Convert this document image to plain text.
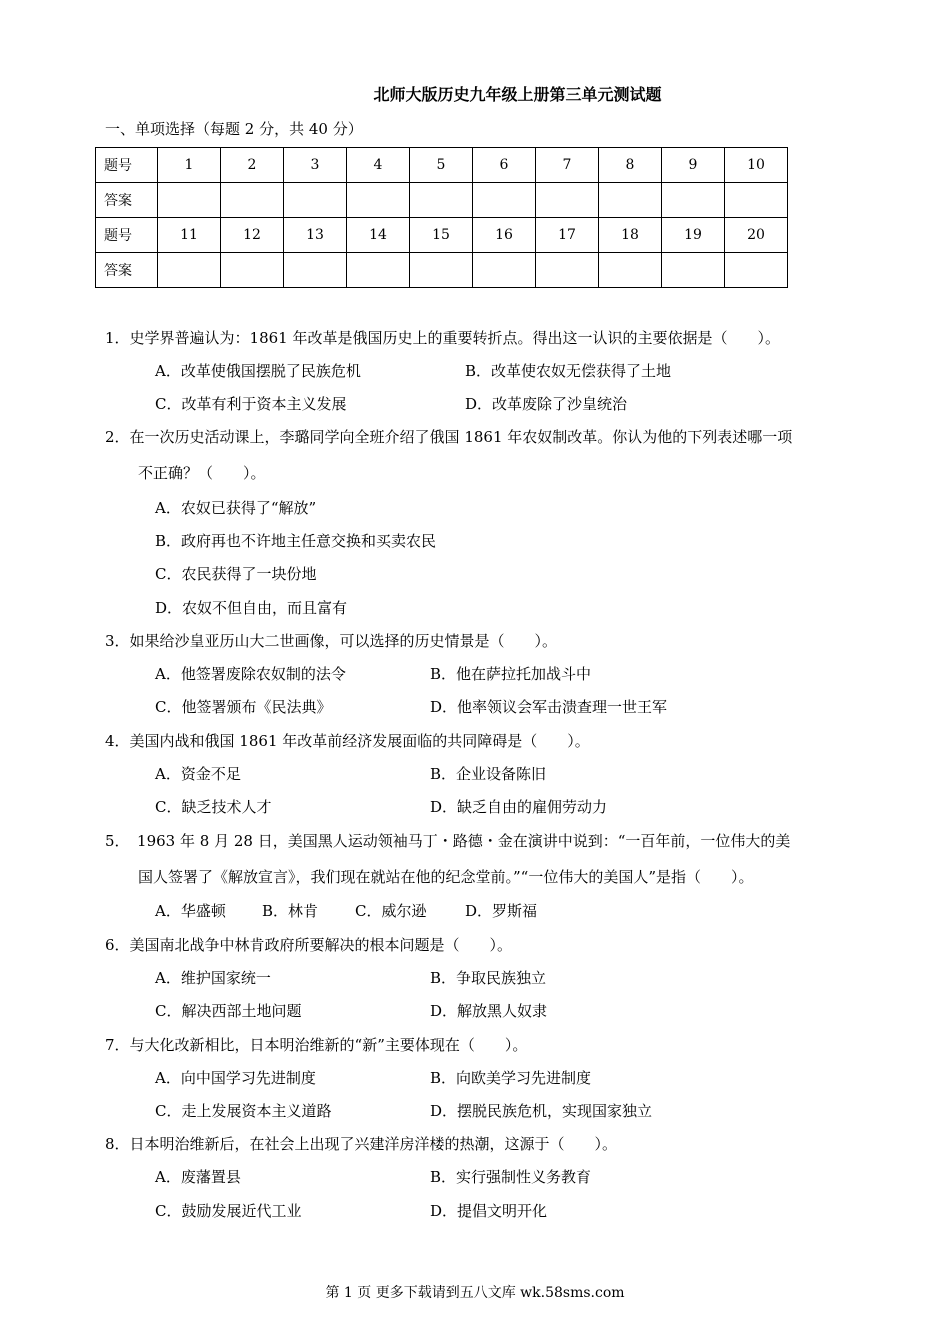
北师大版历史九年级上册第三单元测试题
一、单项选择（每题 2 分，共 40 分）
题号	1	2	3	4	5	6	7	8	9	10
答案										
题号	11	12	13	14	15	16	17	18	19	20
答案										
1．史学界普遍认为：1861 年改革是俄国历史上的重要转折点。得出这一认识的主要依据是（　　）。
A．改革使俄国摆脱了民族危机	B．改革使农奴无偿获得了土地
C．改革有利于资本主义发展	D．改革废除了沙皇统治
2．在一次历史活动课上，李璐同学向全班介绍了俄国 1861 年农奴制改革。你认为他的下列表述哪一项
不正确？（　　）。
A．农奴已获得了“解放”
B．政府再也不许地主任意交换和买卖农民
C．农民获得了一块份地
D．农奴不但自由，而且富有
3．如果给沙皇亚历山大二世画像，可以选择的历史情景是（　　）。
A．他签署废除农奴制的法令	B．他在萨拉托加战斗中
C．他签署颁布《民法典》	D．他率领议会军击溃查理一世王军
4．美国内战和俄国 1861 年改革前经济发展面临的共同障碍是（　　）。
A．资金不足	B．企业设备陈旧
C．缺乏技术人才	D．缺乏自由的雇佣劳动力
5．　1963 年 8 月 28 日，美国黑人运动领袖马丁・路德・金在演讲中说到：“一百年前，一位伟大的美
国人签署了《解放宣言》，我们现在就站在他的纪念堂前。”“一位伟大的美国人”是指（　　）。
A．华盛顿 B．林肯 C．威尔逊	D．罗斯福
6．美国南北战争中林肯政府所要解决的根本问题是（　　）。
A．维护国家统一	B．争取民族独立
C．解决西部土地问题	D．解放黑人奴隶
7．与大化改新相比，日本明治维新的“新”主要体现在（　　）。
A．向中国学习先进制度	B．向欧美学习先进制度
C．走上发展资本主义道路	D．摆脱民族危机，实现国家独立
8．日本明治维新后，在社会上出现了兴建洋房洋楼的热潮，这源于（　　）。
A．废藩置县	B．实行强制性义务教育
C．鼓励发展近代工业	D．提倡文明开化
第 1 页 更多下载请到五八文库 wk.58sms.com
